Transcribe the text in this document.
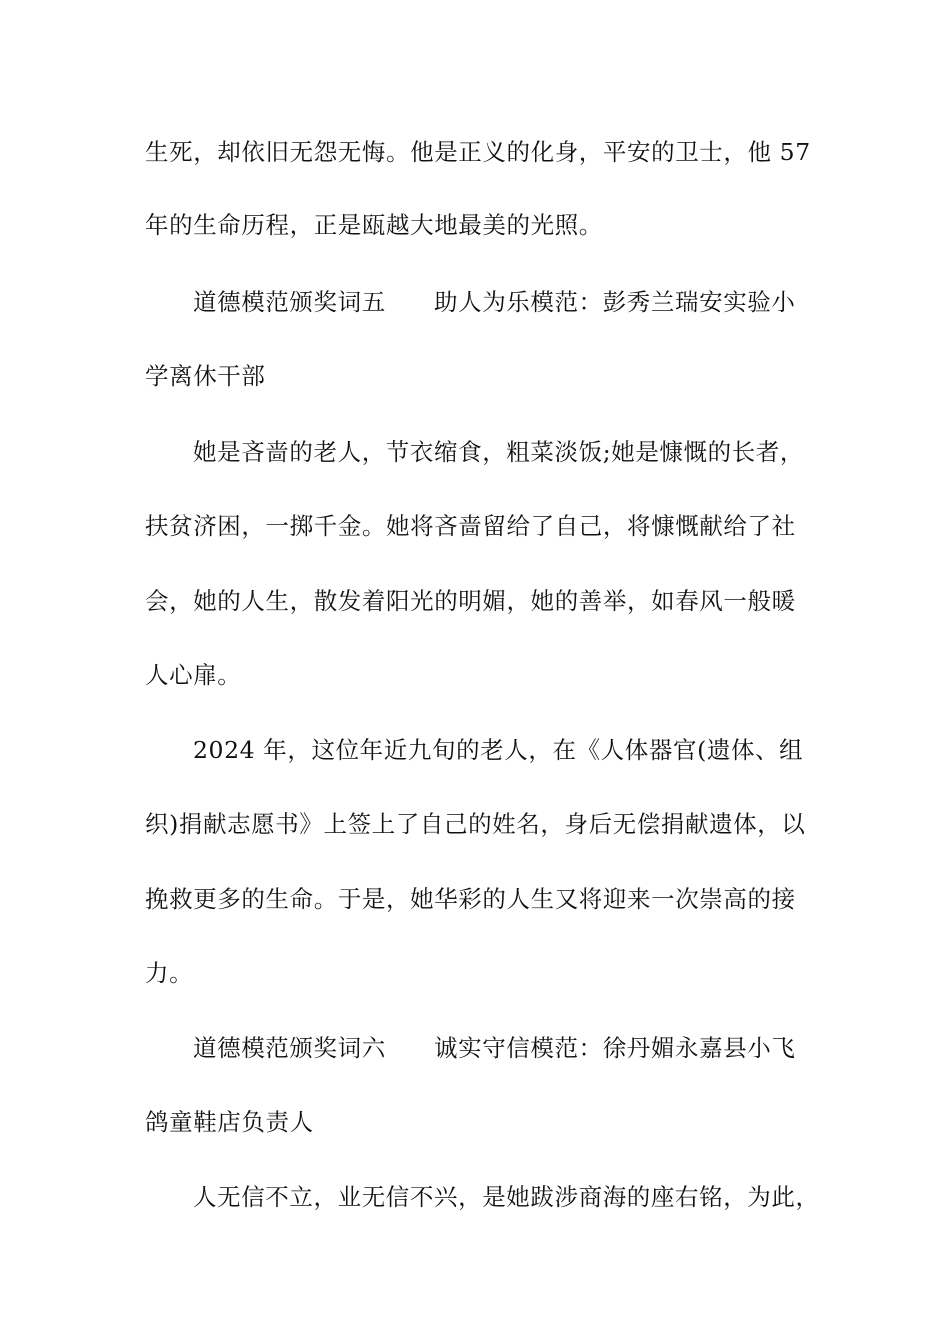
生死，却依旧无怨无悔。他是正义的化身，平安的卫士，他 57
年的生命历程，正是瓯越大地最美的光照。
道德模范颁奖词五　　助人为乐模范：彭秀兰瑞安实验小
学离休干部
她是吝啬的老人，节衣缩食，粗菜淡饭;她是慷慨的长者，
扶贫济困，一掷千金。她将吝啬留给了自己，将慷慨献给了社
会，她的人生，散发着阳光的明媚，她的善举，如春风一般暖
人心扉。
2024 年，这位年近九旬的老人，在《人体器官(遗体、组
织)捐献志愿书》上签上了自己的姓名，身后无偿捐献遗体，以
挽救更多的生命。于是，她华彩的人生又将迎来一次崇高的接
力。
道德模范颁奖词六　　诚实守信模范：徐丹媚永嘉县小飞
鸽童鞋店负责人
人无信不立，业无信不兴，是她跋涉商海的座右铭，为此，
